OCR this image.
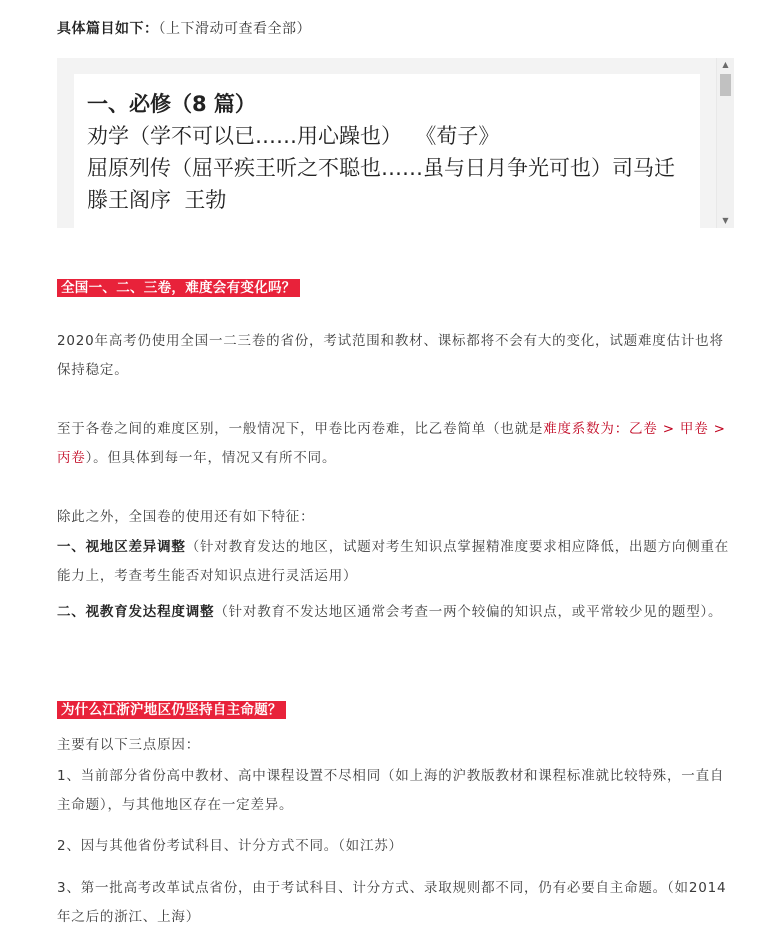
具体篇目如下：（上下滑动可查看全部）
一、必修（8 篇）
劝学（学不可以已……用心躁也）  《荀子》
屈原列传（屈平疾王听之不聪也……虽与日月争光可也）司马迁
滕王阁序  王勃
▲
▼
全国一、二、三卷，难度会有变化吗？
2020年高考仍使用全国一二三卷的省份，考试范围和教材、课标都将不会有大的变化，试题难度估计也将保持稳定。
至于各卷之间的难度区别，一般情况下，甲卷比丙卷难，比乙卷简单（也就是难度系数为：乙卷 > 甲卷 >丙卷）。但具体到每一年，情况又有所不同。
除此之外，全国卷的使用还有如下特征：
一、视地区差异调整（针对教育发达的地区，试题对考生知识点掌握精准度要求相应降低，出题方向侧重在能力上，考查考生能否对知识点进行灵活运用）
二、视教育发达程度调整（针对教育不发达地区通常会考查一两个较偏的知识点，或平常较少见的题型）。
为什么江浙沪地区仍坚持自主命题？
主要有以下三点原因：
1、当前部分省份高中教材、高中课程设置不尽相同（如上海的沪教版教材和课程标准就比较特殊，一直自主命题），与其他地区存在一定差异。
2、因与其他省份考试科目、计分方式不同。（如江苏）
3、第一批高考改革试点省份，由于考试科目、计分方式、录取规则都不同，仍有必要自主命题。（如2014年之后的浙江、上海）
